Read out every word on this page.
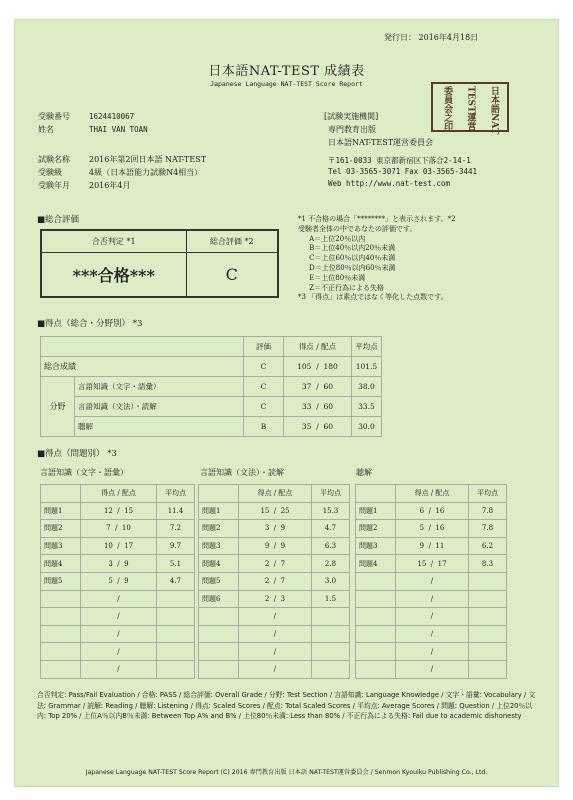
発行日： 2016年4月18日
日本語NAT-TEST 成績表
Japanese Language NAT-TEST Score Report
日本語NAT
TEST運営
委員会之印
受験番号	1624410067
姓名	THAI VAN TOAN
試験名称 2016年第2回日本語 NAT-TEST
受験級	4級（日本語能力試験N4相当）
受験年月 2016年4月
[試験実施機関]
専門教育出版
日本語NAT-TEST運営委員会
〒161-0033 東京都新宿区下落合2-14-1
Tel 03-3565-3071 Fax 03-3565-3441
Web http://www.nat-test.com
■総合評価
合否判定 *1	総合評価 *2
***合格***	C
*1 不合格の場合「********」と表示されます。*2
受験者全体の中であなたの評価です。
A＝上位20％以内
B＝上位40％以内20％未満
C＝上位60％以内40％未満
D＝上位80％以内60％未満
E＝上位80％未満
Z＝不正行為による失格
*3 「得点」は素点ではなく等化した点数です。
■得点（総合・分野別） *3
		評価	得点 / 配点	平均点
総合成績		C	105  /  180	101.5
分野	言語知識（文字・語彙）	C	37  /  60	38.0
	言語知識（文法）・読解	C	33  /  60	33.5
	聴解	B	35  /  60	30.0
■得点（問題別） *3
言語知識（文字・語彙）	言語知識（文法）・読解	聴解
	得点 / 配点	平均点
問題1	12  /  15	11.4
問題2	7  /  10	7.2
問題3	10  /  17	9.7
問題4	3  /  9	5.1
問題5	5  /  9	4.7
	/	
	/	
	/	
	/	
	/	
	得点 / 配点	平均点
問題1	15  /  25	15.3
問題2	3  /  9	4.7
問題3	9  /  9	6.3
問題4	2  /  7	2.8
問題5	2  /  7	3.0
問題6	2  /  3	1.5
	/	
	/	
	/	
	/	
	得点 / 配点	平均点
問題1	6  /  16	7.8
問題2	5  /  16	7.8
問題3	9  /  11	6.2
問題4	15  /  17	8.3
	/	
	/	
	/	
	/	
	/	
	/	
合否判定: Pass/Fail Evaluation / 合格: PASS / 総合評価: Overall Grade / 分野: Test Section / 言語知識: Language Knowledge / 文字・語彙: Vocabulary / 文法: Grammar / 読解: Reading / 聴解: Listening / 得点: Scaled Scores / 配点: Total Scaled Scores / 平均点: Average Scores / 問題: Question / 上位20％以内: Top 20% / 上位A％以内B％未満: Between Top A% and B% / 上位80％未満: Less than 80% / 不正行為による失格: Fail due to academic dishonesty
Japanese Language NAT-TEST Score Report (C) 2016 専門教育出版 日本語 NAT-TEST運営委員会 / Senmon Kyouiku Publishing Co., Ltd.
